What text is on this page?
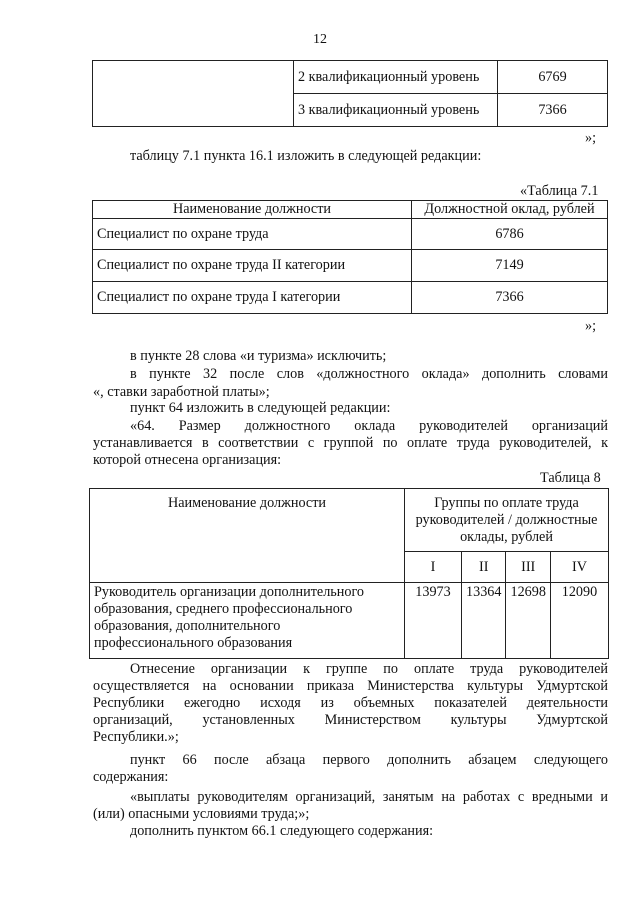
12
	2 квалификационный уровень	6769
	3 квалификационный уровень	7366
»;
таблицу 7.1 пункта 16.1 изложить в следующей редакции:
«Таблица 7.1
Наименование должности	Должностной оклад, рублей
Специалист по охране труда	6786
Специалист по охране труда II категории	7149
Специалист по охране труда I категории	7366
»;
в пункте 28 слова «и туризма» исключить;
в пункте 32 после слов «должностного оклада» дополнить словами
«, ставки заработной платы»;
пункт 64 изложить в следующей редакции:
«64. Размер должностного оклада руководителей организаций
устанавливается в соответствии с группой по оплате труда руководителей, к
которой отнесена организация:
Таблица 8
Наименование должности	Группы по оплате труда
руководителей / должностные
оклады, рублей			

	I	II	III	IV

Руководитель организации дополнительного
образования, среднего профессионального
образования, дополнительного
профессионального образования	13973	13364	12698	12090
Отнесение организации к группе по оплате труда руководителей
осуществляется на основании приказа Министерства культуры Удмуртской
Республики ежегодно исходя из объемных показателей деятельности
организаций, установленных Министерством культуры Удмуртской
Республики.»;
пункт 66 после абзаца первого дополнить абзацем следующего
содержания:
«выплаты руководителям организаций, занятым на работах с вредными и
(или) опасными условиями труда;»;
дополнить пунктом 66.1 следующего содержания:
